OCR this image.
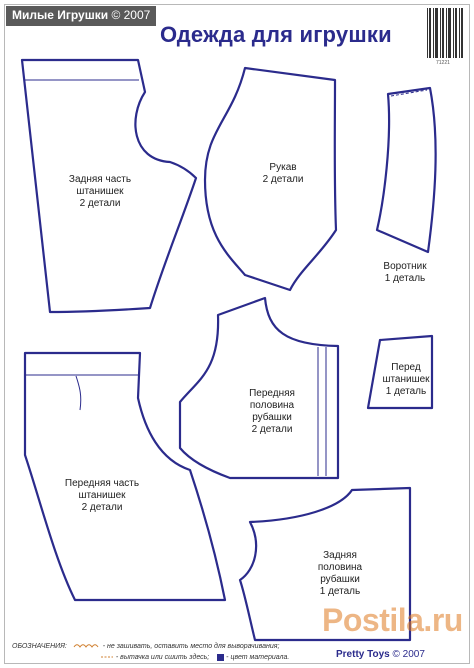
Милые Игрушки © 2007
Одежда для игрушки
71221
Задняя часть
штанишек
2 детали
Рукав
2 детали
Воротник
1 деталь
Передняя
половина
рубашки
2 детали
Перед
штанишек
1 деталь
Передняя часть
штанишек
2 детали
Задняя
половина
рубашки
1 деталь
Postila.ru
ОБОЗНАЧЕНИЯ:	- не зашивать, оставить место для выворачивания;
- вытачка или сшить здесь; - цвет материала.	Pretty Toys © 2007
